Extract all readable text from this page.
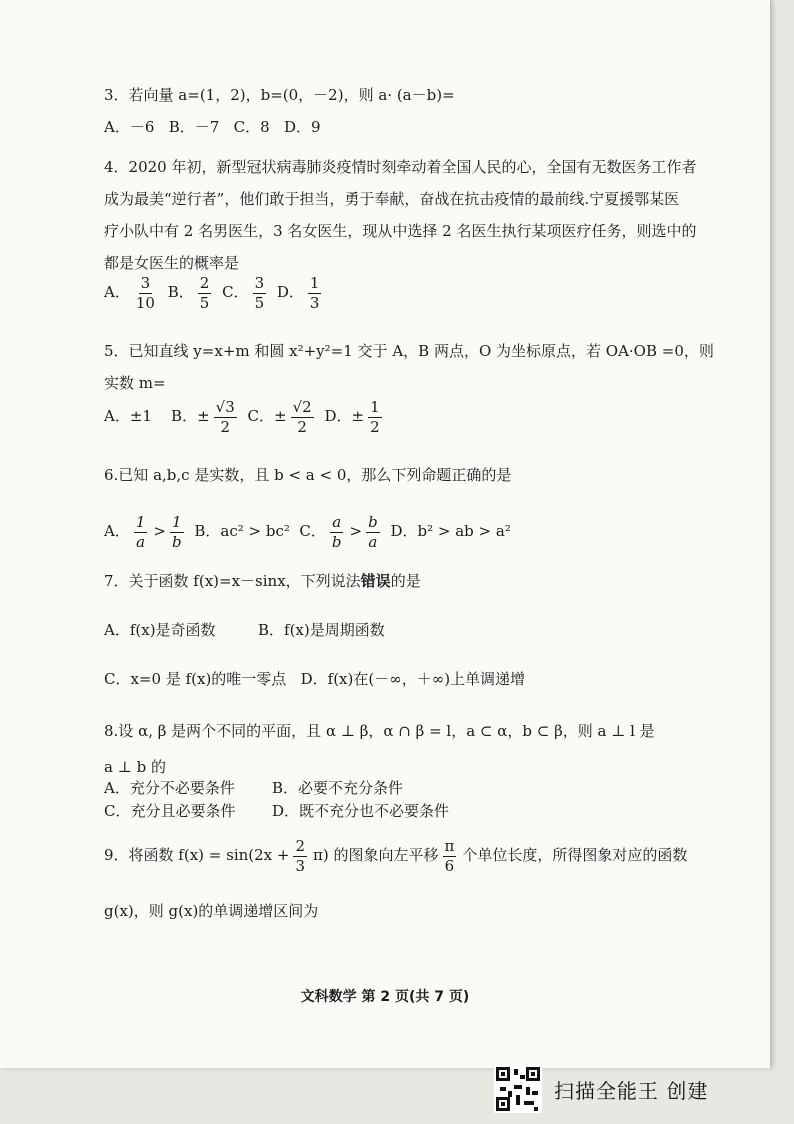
3．若向量 a=(1，2)，b=(0，－2)，则 a· (a－b)=
A．－6 B．－7 C．8 D．9
4．2020 年初，新型冠状病毒肺炎疫情时刻牵动着全国人民的心，全国有无数医务工作者
成为最美“逆行者”，他们敢于担当，勇于奉献，奋战在抗击疫情的最前线.宁夏援鄂某医
疗小队中有 2 名男医生，3 名女医生，现从中选择 2 名医生执行某项医疗任务，则选中的
都是女医生的概率是
A． $\frac{3}{10}$ B． $\frac{2}{5}$ C． $\frac{3}{5}$ D． $\frac{1}{3}$
5．已知直线 y=x+m 和圆 x²+y²=1 交于 A，B 两点，O 为坐标原点，若 OA·OB =0，则
实数 m=
A．±1 B．± $\frac{√3}{2}$ C．± $\frac{√2}{2}$ D．± $\frac{1}{2}$
6.已知 a,b,c 是实数，且 b < a < 0，那么下列命题正确的是
A． $\frac{1}{a} > \frac{1}{b}$ B．ac² > bc² C． $\frac{a}{b} > \frac{b}{a}$ D．b² > ab > a²
7．关于函数 f(x)=x－sinx，下列说法错误的是
A．f(x)是奇函数	B．f(x)是周期函数
C．x=0 是 f(x)的唯一零点 D．f(x)在(－∞，＋∞)上单调递增
8.设 α, β 是两个不同的平面，且 α ⊥ β，α ∩ β = l，a ⊂ α，b ⊂ β，则 a ⊥ l 是
a ⊥ b 的
A．充分不必要条件 B．必要不充分条件
C．充分且必要条件 D．既不充分也不必要条件
9．将函数 $f(x) = \sin(2x + \frac{2}{3} \pi)$ 的图象向左平移 $\frac{\pi}{6}$ 个单位长度，所得图象对应的函数
g(x)，则 g(x)的单调递增区间为
文科数学 第 2 页(共 7 页)
扫描全能王 创建
